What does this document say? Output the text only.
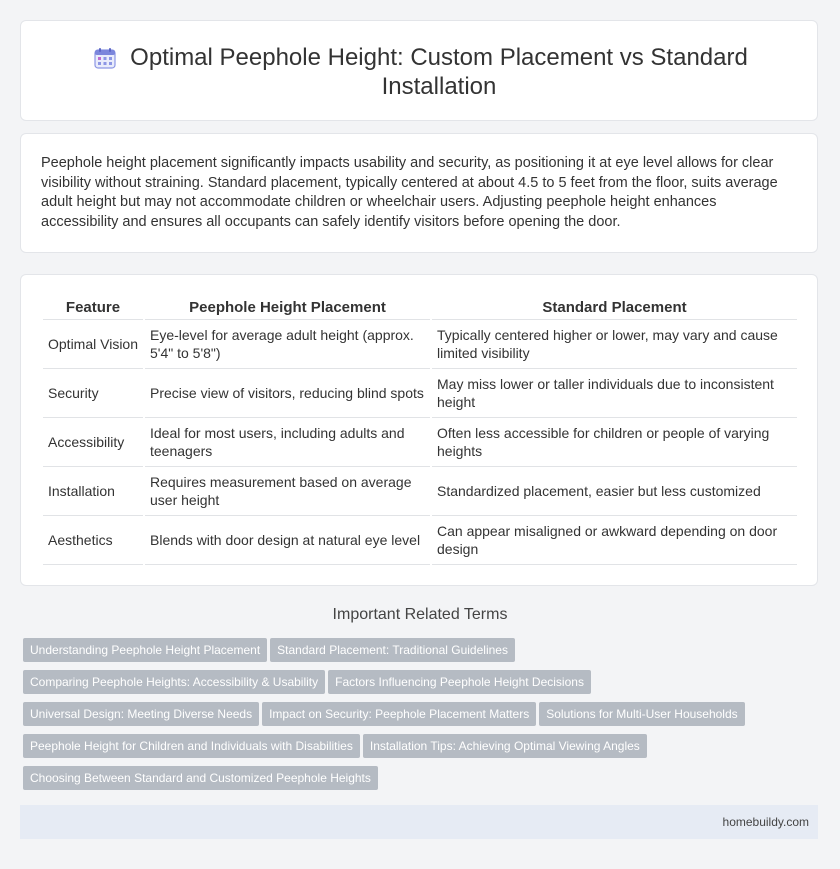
Optimal Peephole Height: Custom Placement vs Standard Installation

Peephole height placement significantly impacts usability and security, as positioning it at eye level allows for clear visibility without straining. Standard placement, typically centered at about 4.5 to 5 feet from the floor, suits average adult height but may not accommodate children or wheelchair users. Adjusting peephole height enhances accessibility and ensures all occupants can safely identify visitors before opening the door.

Feature	Peephole Height Placement	Standard Placement
Optimal Vision	Eye-level for average adult height (approx. 5'4" to 5'8")	Typically centered higher or lower, may vary and cause limited visibility
Security	Precise view of visitors, reducing blind spots	May miss lower or taller individuals due to inconsistent height
Accessibility	Ideal for most users, including adults and teenagers	Often less accessible for children or people of varying heights
Installation	Requires measurement based on average user height	Standardized placement, easier but less customized
Aesthetics	Blends with door design at natural eye level	Can appear misaligned or awkward depending on door design
Important Related Terms
Understanding Peephole Height Placement Standard Placement: Traditional Guidelines
Comparing Peephole Heights: Accessibility & Usability Factors Influencing Peephole Height Decisions
Universal Design: Meeting Diverse Needs Impact on Security: Peephole Placement Matters Solutions for Multi-User Households
Peephole Height for Children and Individuals with Disabilities Installation Tips: Achieving Optimal Viewing Angles
Choosing Between Standard and Customized Peephole Heights
homebuildy.com
